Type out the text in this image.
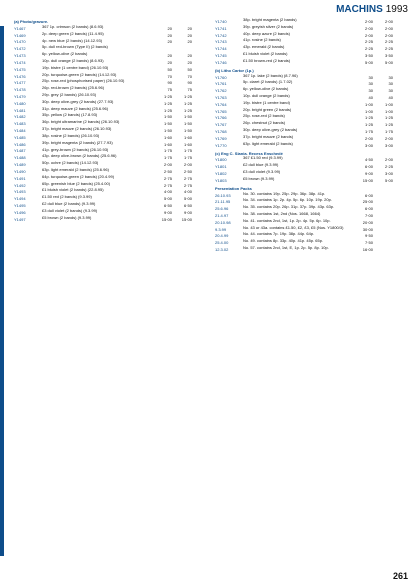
MACHINS 1993
(a) Photo/gravure.
Y1467	367 1p. crimson (2 bands) (8.6.93)	20	20
Y1469	2p. deep green (2 bands) (11.4.95)	20	20
Y1470	4p. new blue (2 bands) (14.12.93)	20	20
Y1472	5p. dull red-brown (Type II) (2 bands)
Y1473	6p. yellow-olive (2 bands)	20	20
Y1474	10p. dull orange (2 bands) (8.6.93)	20	20
Y1475	19p. bistre (1 centre band) (26.10.93)	50	50
Y1476	20p. turquoise-green (2 bands) (14.12.93)	70	70
Y1477	25p. rose-red (phosphorised paper) (26.10.93)	90	90
Y1478	26p. red-brown (2 bands) (25.6.96)	75	75
Y1479	29p. grey (2 bands) (26.10.93)	1·25	1·25
Y1480	30p. deep olive-grey (2 bands) (27.7.93)	1·25	1·25
Y1481	31p. deep mauve (2 bands) (25.6.96)	1·25	1·25
Y1482	35p. yellow (2 bands) (17.8.93)	1·50	1·50
Y1483	36p. bright ultramarine (2 bands) (26.10.93)	1·50	1·50
Y1484	37p. bright mauve (2 bands) (26.10.93)	1·50	1·50
Y1485	38p. rosine (2 bands) (26.10.93)	1·60	1·60
Y1486	39p. bright magenta (2 bands) (27.7.93)	1·60	1·60
Y1487	41p. grey-brown (2 bands) (26.10.93)	1·75	1·75
Y1488	43p. deep olive-brown (2 bands) (25.6.96)	1·75	1·75
Y1489	50p. ochre (2 bands) (14.12.93)	2·00	2·00
Y1490	63p. light emerald (2 bands) (25.6.96)	2·50	2·50
Y1491	64p. turquoise-green (2 bands) (20.4.99)	2·75	2·75
Y1492	65p. greenish blue (2 bands) (25.4.00)	2·75	2·75
Y1493	£1 bluish violet (2 bands) (22.8.95)	4·00	4·00
Y1494	£1.50 red (2 bands) (9.3.99)	5·00	5·00
Y1495	£2 dull blue (2 bands) (9.3.99)	6·50	6·50
Y1496	£3 dull violet (2 bands) (9.3.99)	9·00	9·00
Y1497	£5 brown (2 bands) (9.3.99)	15·00 15·00
Y1740	38p. bright magenta (2 bands)	2·00	2·00
Y1741	39p. greyish silver (2 bands)	2·00	2·00
Y1742	40p. deep azure (2 bands)	2·00	2·00
Y1743	41p. rosine (2 bands)	2·25	2·25
Y1744	43p. emerald (2 bands)	2·25	2·25
Y1745	£1 bluish violet (2 bands)	3·50	3·50
Y1746	£1.50 brown-red (2 bands)	5·00	5·00
(b) Litho Cartor (1p.)
Y1760	367 1p. lake (2 bands) (8.7.96)	30	30
Y1761	5p. claret (2 bands) (1.7.02)	30	30
Y1762	6p. yellow-olive (2 bands)	30	30
Y1763	10p. dull orange (2 bands)	40	40
Y1764	19p. bistre (1 centre band)	1·00	1·00
Y1765	20p. bright green (2 bands)	1·00	1·00
Y1766	25p. rose-red (2 bands)	1·25	1·25
Y1767	26p. chestnut (2 bands)	1·25	1·25
Y1768	30p. deep olive-grey (2 bands)	1·75	1·75
Y1769	37p. bright mauve (2 bands)	2·00	2·00
Y1770	63p. light emerald (2 bands)	3·00	3·00
(c) Eng C. Slania. Recess Enschedé
Y1800	367 £1.50 red (9.3.99)	4·50	2·00
Y1801	£2 dull blue (9.3.99)	6·00	2·25
Y1802	£3 dull violet (9.3.99)	9·00	3·00
Y1803	£5 brown (9.3.99)	15·00	5·00
Presentation Packs
26.10.93	No. 30. contains 19p. 25p. 29p. 36p. 38p. 41p.	6·00
21.11.95	No. 34. contains 1p. 2p. 4p. 5p. 6p. 10p. 19p. 20p.	25·00
25.6.96	No. 35. contains 20p. 26p. 31p. 37p. 39p. 43p. 63p.	6·00
21.4.97	No. 38. contains 1st, 2nd (Nos. 1668, 1664)	7·00
20.10.98	No. 41. contains 2nd, 1st, 1p. 2p. 4p. 5p. 6p. 10p.	20·00
9.3.99	No. 43 or 43a. contains £1.50, £2, £3, £5 (Nos. Y1800/3)	30·00
20.4.99	No. 44. contains 7p. 19p. 38p. 44p. 64p.	9·50
25.4.00	No. 49. contains 8p. 33p. 40p. 41p. 45p. 65p.	7·50
12.3.02	No. 57. contains 2nd, 1st, E, 1p. 2p. 5p. 8p. 10p.	16·00
261
